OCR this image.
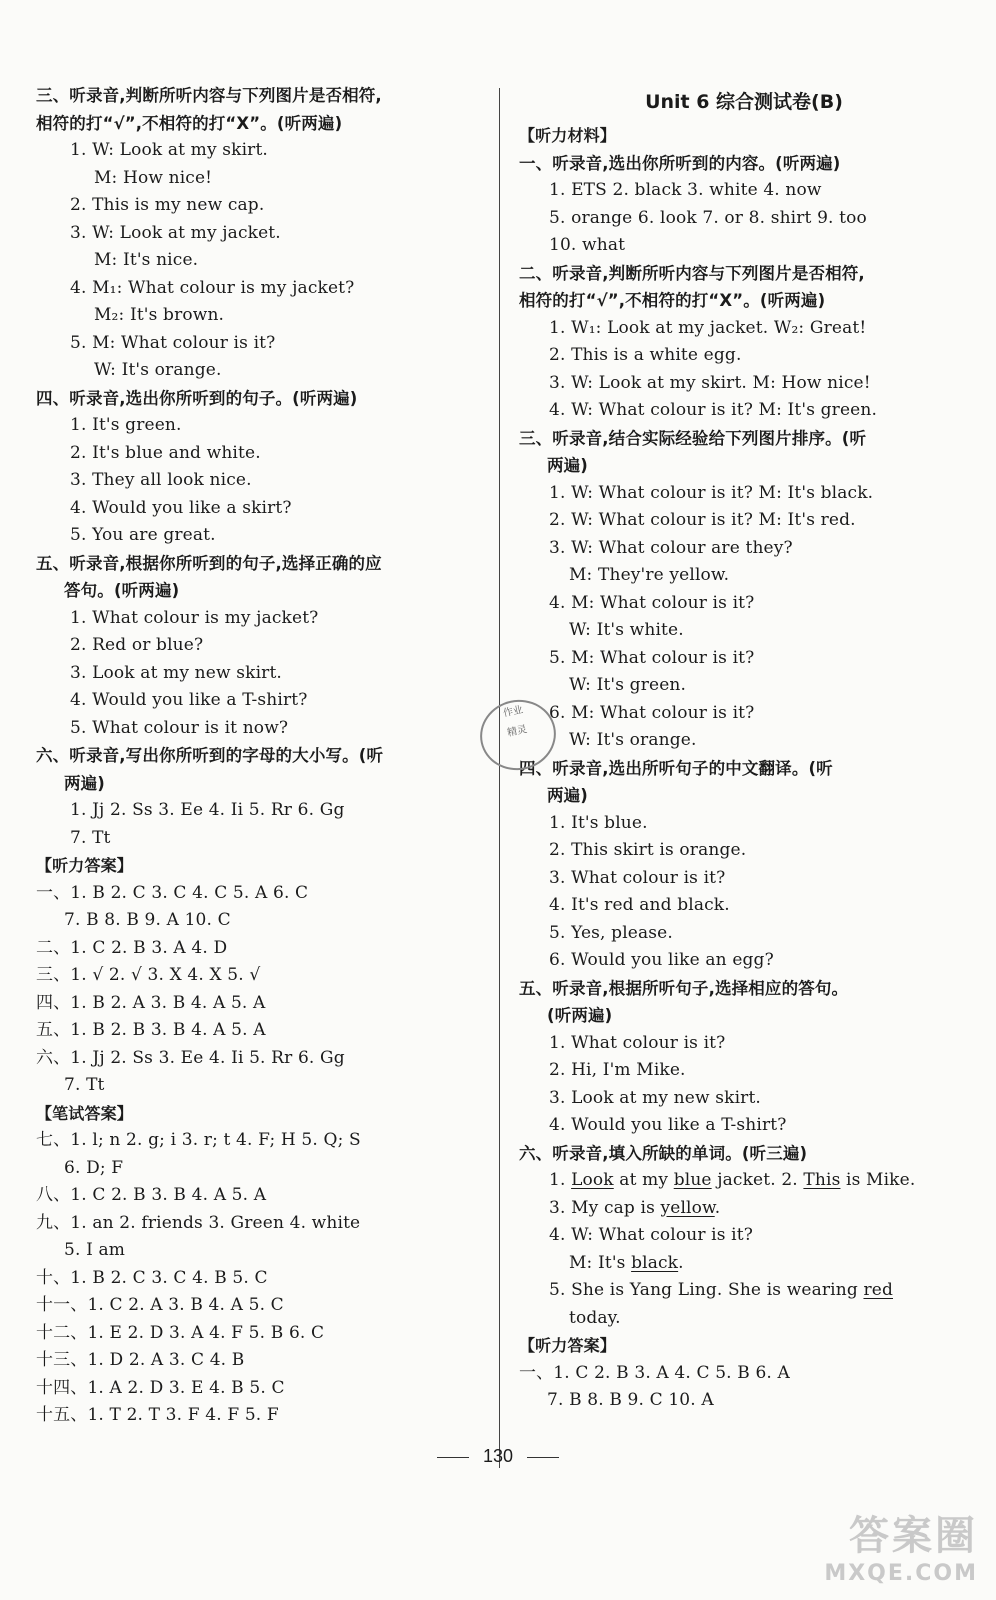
三、听录音,判断所听内容与下列图片是否相符,
相符的打“√”,不相符的打“X”。(听两遍)
1. W: Look at my skirt.
M: How nice!
2. This is my new cap.
3. W: Look at my jacket.
M: It's nice.
4. M₁: What colour is my jacket?
M₂: It's brown.
5. M: What colour is it?
W: It's orange.
四、听录音,选出你所听到的句子。(听两遍)
1. It's green.
2. It's blue and white.
3. They all look nice.
4. Would you like a skirt?
5. You are great.
五、听录音,根据你所听到的句子,选择正确的应
答句。(听两遍)
1. What colour is my jacket?
2. Red or blue?
3. Look at my new skirt.
4. Would you like a T-shirt?
5. What colour is it now?
六、听录音,写出你所听到的字母的大小写。(听
两遍)
1. Jj 2. Ss 3. Ee 4. Ii 5. Rr 6. Gg
7. Tt
【听力答案】
一、1. B 2. C 3. C 4. C 5. A 6. C
7. B 8. B 9. A 10. C
二、1. C 2. B 3. A 4. D
三、1. √ 2. √ 3. X 4. X 5. √
四、1. B 2. A 3. B 4. A 5. A
五、1. B 2. B 3. B 4. A 5. A
六、1. Jj 2. Ss 3. Ee 4. Ii 5. Rr 6. Gg
7. Tt
【笔试答案】
七、1. l; n 2. g; i 3. r; t 4. F; H 5. Q; S
6. D; F
八、1. C 2. B 3. B 4. A 5. A
九、1. an 2. friends 3. Green 4. white
5. I am
十、1. B 2. C 3. C 4. B 5. C
十一、1. C 2. A 3. B 4. A 5. C
十二、1. E 2. D 3. A 4. F 5. B 6. C
十三、1. D 2. A 3. C 4. B
十四、1. A 2. D 3. E 4. B 5. C
十五、1. T 2. T 3. F 4. F 5. F
Unit 6 综合测试卷(B)
【听力材料】
一、听录音,选出你所听到的内容。(听两遍)
1. ETS 2. black 3. white 4. now
5. orange 6. look 7. or 8. shirt 9. too
10. what
二、听录音,判断所听内容与下列图片是否相符,
相符的打“√”,不相符的打“X”。(听两遍)
1. W₁: Look at my jacket. W₂: Great!
2. This is a white egg.
3. W: Look at my skirt. M: How nice!
4. W: What colour is it? M: It's green.
三、听录音,结合实际经验给下列图片排序。(听
两遍)
1. W: What colour is it? M: It's black.
2. W: What colour is it? M: It's red.
3. W: What colour are they?
M: They're yellow.
4. M: What colour is it?
W: It's white.
5. M: What colour is it?
W: It's green.
6. M: What colour is it?
W: It's orange.
四、听录音,选出所听句子的中文翻译。(听
两遍)
1. It's blue.
2. This skirt is orange.
3. What colour is it?
4. It's red and black.
5. Yes, please.
6. Would you like an egg?
五、听录音,根据所听句子,选择相应的答句。
(听两遍)
1. What colour is it?
2. Hi, I'm Mike.
3. Look at my new skirt.
4. Would you like a T-shirt?
六、听录音,填入所缺的单词。(听三遍)
1. Look at my blue jacket. 2. This is Mike.
3. My cap is yellow.
4. W: What colour is it?
M: It's black.
5. She is Yang Ling. She is wearing red
today.
【听力答案】
一、1. C 2. B 3. A 4. C 5. B 6. A
7. B 8. B 9. C 10. A
作业
精灵
130
答案圈
MXQE.COM
